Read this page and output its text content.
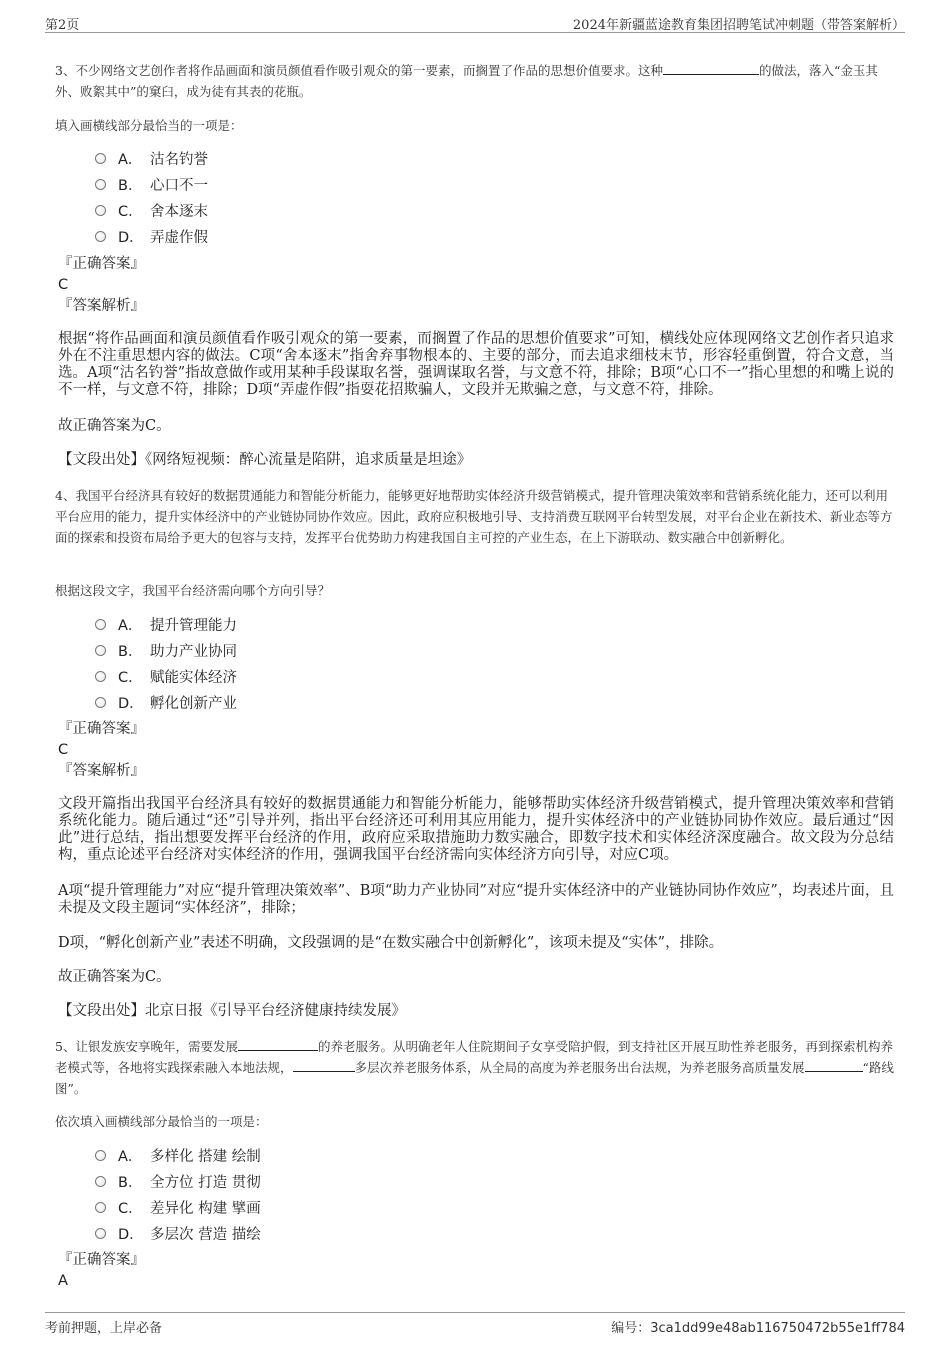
第2页	2024年新疆蓝途教育集团招聘笔试冲刺题（带答案解析）
3、不少网络文艺创作者将作品画面和演员颜值看作吸引观众的第一要素，而搁置了作品的思想价值要求。这种	的做法，落入“金玉其外、败絮其中”的窠臼，成为徒有其表的花瓶。
填入画横线部分最恰当的一项是：
A． 沽名钓誉
B． 心口不一
C． 舍本逐末
D． 弄虚作假
『正确答案』
C
『答案解析』
根据“将作品画面和演员颜值看作吸引观众的第一要素，而搁置了作品的思想价值要求”可知，横线处应体现网络文艺创作者只追求外在不注重思想内容的做法。C项“舍本逐末”指舍弃事物根本的、主要的部分，而去追求细枝末节，形容轻重倒置，符合文意，当选。A项“沽名钓誉”指故意做作或用某种手段谋取名誉，强调谋取名誉，与文意不符，排除；B项“心口不一”指心里想的和嘴上说的不一样，与文意不符，排除；D项“弄虚作假”指耍花招欺骗人，文段并无欺骗之意，与文意不符，排除。
故正确答案为C。
【文段出处】《网络短视频：醉心流量是陷阱，追求质量是坦途》
4、我国平台经济具有较好的数据贯通能力和智能分析能力，能够更好地帮助实体经济升级营销模式，提升管理决策效率和营销系统化能力，还可以利用平台应用的能力，提升实体经济中的产业链协同协作效应。因此，政府应积极地引导、支持消费互联网平台转型发展，对平台企业在新技术、新业态等方面的探索和投资布局给予更大的包容与支持，发挥平台优势助力构建我国自主可控的产业生态，在上下游联动、数实融合中创新孵化。
根据这段文字，我国平台经济需向哪个方向引导？
A． 提升管理能力
B． 助力产业协同
C． 赋能实体经济
D． 孵化创新产业
『正确答案』
C
『答案解析』
文段开篇指出我国平台经济具有较好的数据贯通能力和智能分析能力，能够帮助实体经济升级营销模式，提升管理决策效率和营销系统化能力。随后通过“还”引导并列，指出平台经济还可利用其应用能力，提升实体经济中的产业链协同协作效应。最后通过“因此”进行总结，指出想要发挥平台经济的作用，政府应采取措施助力数实融合，即数字技术和实体经济深度融合。故文段为分总结构，重点论述平台经济对实体经济的作用，强调我国平台经济需向实体经济方向引导，对应C项。
A项“提升管理能力”对应“提升管理决策效率”、B项“助力产业协同”对应“提升实体经济中的产业链协同协作效应”，均表述片面，且未提及文段主题词“实体经济”，排除；
D项，“孵化创新产业”表述不明确，文段强调的是“在数实融合中创新孵化”，该项未提及“实体”，排除。
故正确答案为C。
【文段出处】北京日报《引导平台经济健康持续发展》
5、让银发族安享晚年，需要发展	的养老服务。从明确老年人住院期间子女享受陪护假，到支持社区开展互助性养老服务，再到探索机构养老模式等，各地将实践探索融入本地法规，	多层次养老服务体系，从全局的高度为养老服务出台法规，为养老服务高质量发展	“路线图”。
依次填入画横线部分最恰当的一项是：
A． 多样化 搭建 绘制
B． 全方位 打造 贯彻
C． 差异化 构建 擘画
D． 多层次 营造 描绘
『正确答案』
A
考前押题，上岸必备	编号：3ca1dd99e48ab116750472b55e1ff784
